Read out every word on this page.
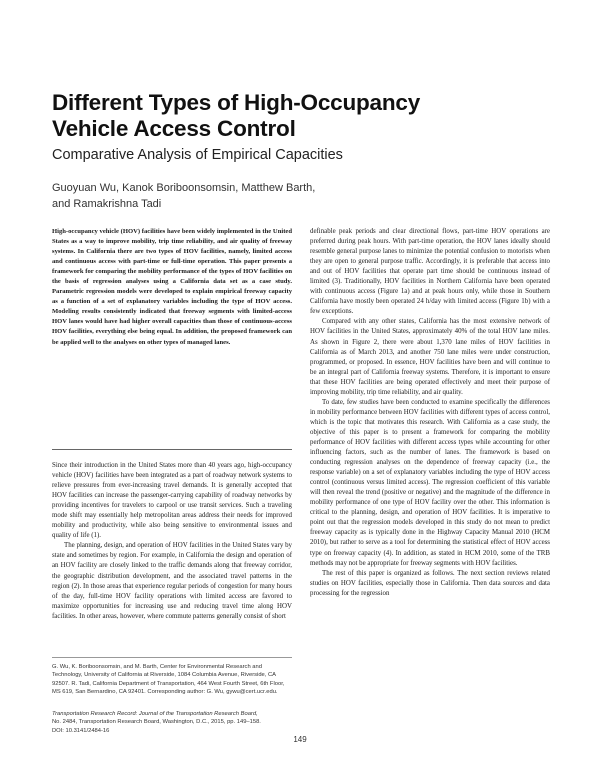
Different Types of High-Occupancy
Vehicle Access Control
Comparative Analysis of Empirical Capacities
Guoyuan Wu, Kanok Boriboonsomsin, Matthew Barth,
and Ramakrishna Tadi
High-occupancy vehicle (HOV) facilities have been widely implemented in the United States as a way to improve mobility, trip time reliability, and air quality of freeway systems. In California there are two types of HOV facilities, namely, limited access and continuous access with part-time or full-time operation. This paper presents a framework for comparing the mobility performance of the types of HOV facilities on the basis of regression analyses using a California data set as a case study. Parametric regression models were developed to explain empirical freeway capacity as a function of a set of explanatory variables including the type of HOV access. Modeling results consistently indicated that freeway segments with limited-access HOV lanes would have had higher overall capacities than those of continuous-access HOV facilities, everything else being equal. In addition, the proposed framework can be applied well to the analyses on other types of managed lanes.

Since their introduction in the United States more than 40 years ago, high-occupancy vehicle (HOV) facilities have been integrated as a part of roadway network systems to relieve pressures from ever-increasing travel demands. It is generally accepted that HOV facilities can increase the passenger-carrying capability of roadway networks by providing incentives for travelers to carpool or use transit services. Such a traveling mode shift may essentially help metropolitan areas address their needs for improved mobility and productivity, while also being sensitive to environmental issues and quality of life (1).

The planning, design, and operation of HOV facilities in the United States vary by state and sometimes by region. For example, in California the design and operation of an HOV facility are closely linked to the traffic demands along that freeway corridor, the geographic distribution development, and the associated travel patterns in the region (2). In those areas that experience regular periods of congestion for many hours of the day, full-time HOV facility operations with limited access are favored to maximize opportunities for increasing use and reducing travel time along HOV facilities. In other areas, however, where commute patterns generally consist of short

definable peak periods and clear directional flows, part-time HOV operations are preferred during peak hours. With part-time operation, the HOV lanes ideally should resemble general purpose lanes to minimize the potential confusion to motorists when they are open to general purpose traffic. Accordingly, it is preferable that access into and out of HOV facilities that operate part time should be continuous instead of limited (3). Traditionally, HOV facilities in Northern California have been operated with continuous access (Figure 1a) and at peak hours only, while those in Southern California have mostly been operated 24 h/day with limited access (Figure 1b) with a few exceptions.

Compared with any other states, California has the most extensive network of HOV facilities in the United States, approximately 40% of the total HOV lane miles. As shown in Figure 2, there were about 1,370 lane miles of HOV facilities in California as of March 2013, and another 750 lane miles were under construction, programmed, or proposed. In essence, HOV facilities have been and will continue to be an integral part of California freeway systems. Therefore, it is important to ensure that these HOV facilities are being operated effectively and meet their purpose of improving mobility, trip time reliability, and air quality.

To date, few studies have been conducted to examine specifically the differences in mobility performance between HOV facilities with different types of access control, which is the topic that motivates this research. With California as a case study, the objective of this paper is to present a framework for comparing the mobility performance of HOV facilities with different access types while accounting for other influencing factors, such as the number of lanes. The framework is based on conducting regression analyses on the dependence of freeway capacity (i.e., the response variable) on a set of explanatory variables including the type of HOV access control (continuous versus limited access). The regression coefficient of this variable will then reveal the trend (positive or negative) and the magnitude of the difference in mobility performance of one type of HOV facility over the other. This information is critical to the planning, design, and operation of HOV facilities. It is imperative to point out that the regression models developed in this study do not mean to predict freeway capacity as is typically done in the Highway Capacity Manual 2010 (HCM 2010), but rather to serve as a tool for determining the statistical effect of HOV access type on freeway capacity (4). In addition, as stated in HCM 2010, some of the TRB methods may not be appropriate for freeway segments with HOV facilities.

The rest of this paper is organized as follows. The next section reviews related studies on HOV facilities, especially those in California. Then data sources and data processing for the regression

G. Wu, K. Boriboonsomsin, and M. Barth, Center for Environmental Research and Technology, University of California at Riverside, 1084 Columbia Avenue, Riverside, CA 92507. R. Tadi, California Department of Transportation, 464 West Fourth Street, 6th Floor, MS 619, San Bernardino, CA 92401. Corresponding author: G. Wu, gywu@cert.ucr.edu.
Transportation Research Record: Journal of the Transportation Research Board,
No. 2484, Transportation Research Board, Washington, D.C., 2015, pp. 149–158.
DOI: 10.3141/2484-16
149
